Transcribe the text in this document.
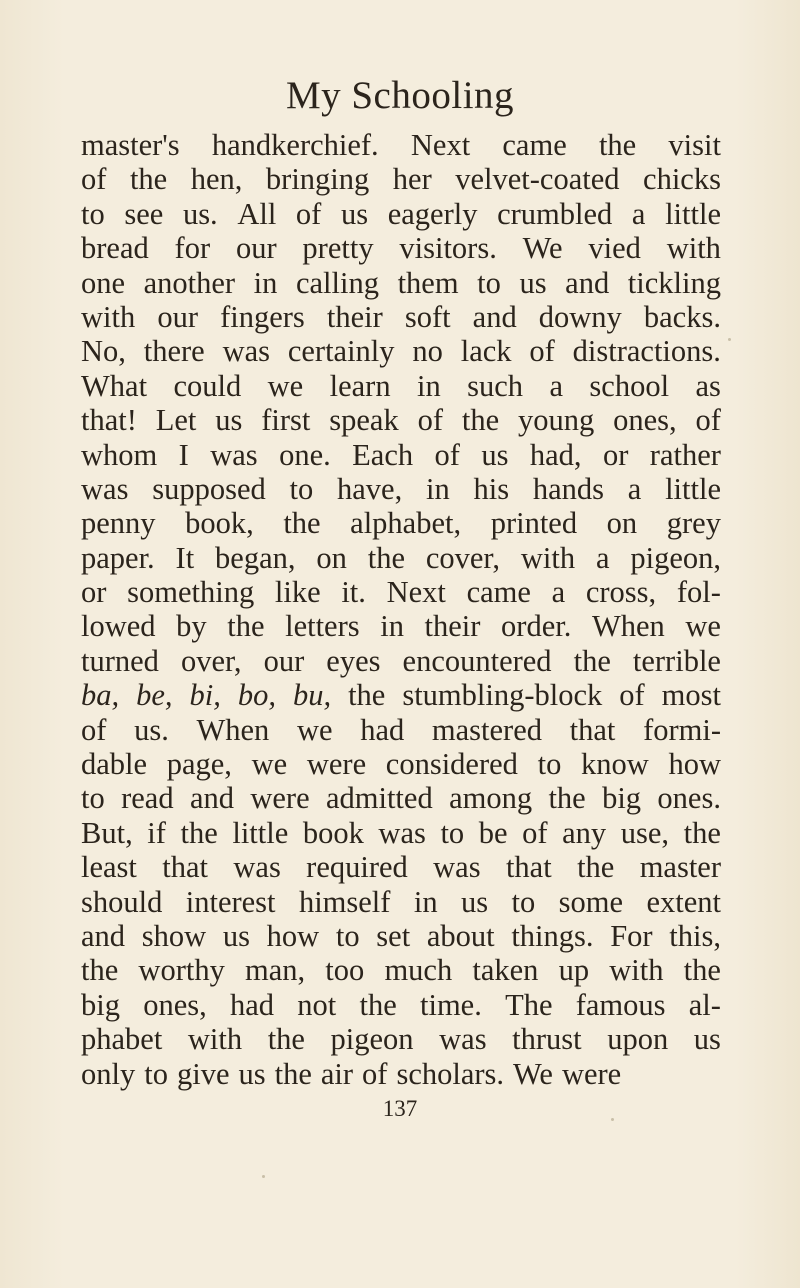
My Schooling
master's handkerchief. Next came the visit
of the hen, bringing her velvet-coated chicks
to see us. All of us eagerly crumbled a little
bread for our pretty visitors. We vied with
one another in calling them to us and tickling
with our fingers their soft and downy backs.
No, there was certainly no lack of distractions.
What could we learn in such a school as
that! Let us first speak of the young ones, of
whom I was one. Each of us had, or rather
was supposed to have, in his hands a little
penny book, the alphabet, printed on grey
paper. It began, on the cover, with a pigeon,
or something like it. Next came a cross, fol-
lowed by the letters in their order. When we
turned over, our eyes encountered the terrible
ba, be, bi, bo, bu, the stumbling-block of most
of us. When we had mastered that formi-
dable page, we were considered to know how
to read and were admitted among the big ones.
But, if the little book was to be of any use, the
least that was required was that the master
should interest himself in us to some extent
and show us how to set about things. For this,
the worthy man, too much taken up with the
big ones, had not the time. The famous al-
phabet with the pigeon was thrust upon us
only to give us the air of scholars. We were
137
